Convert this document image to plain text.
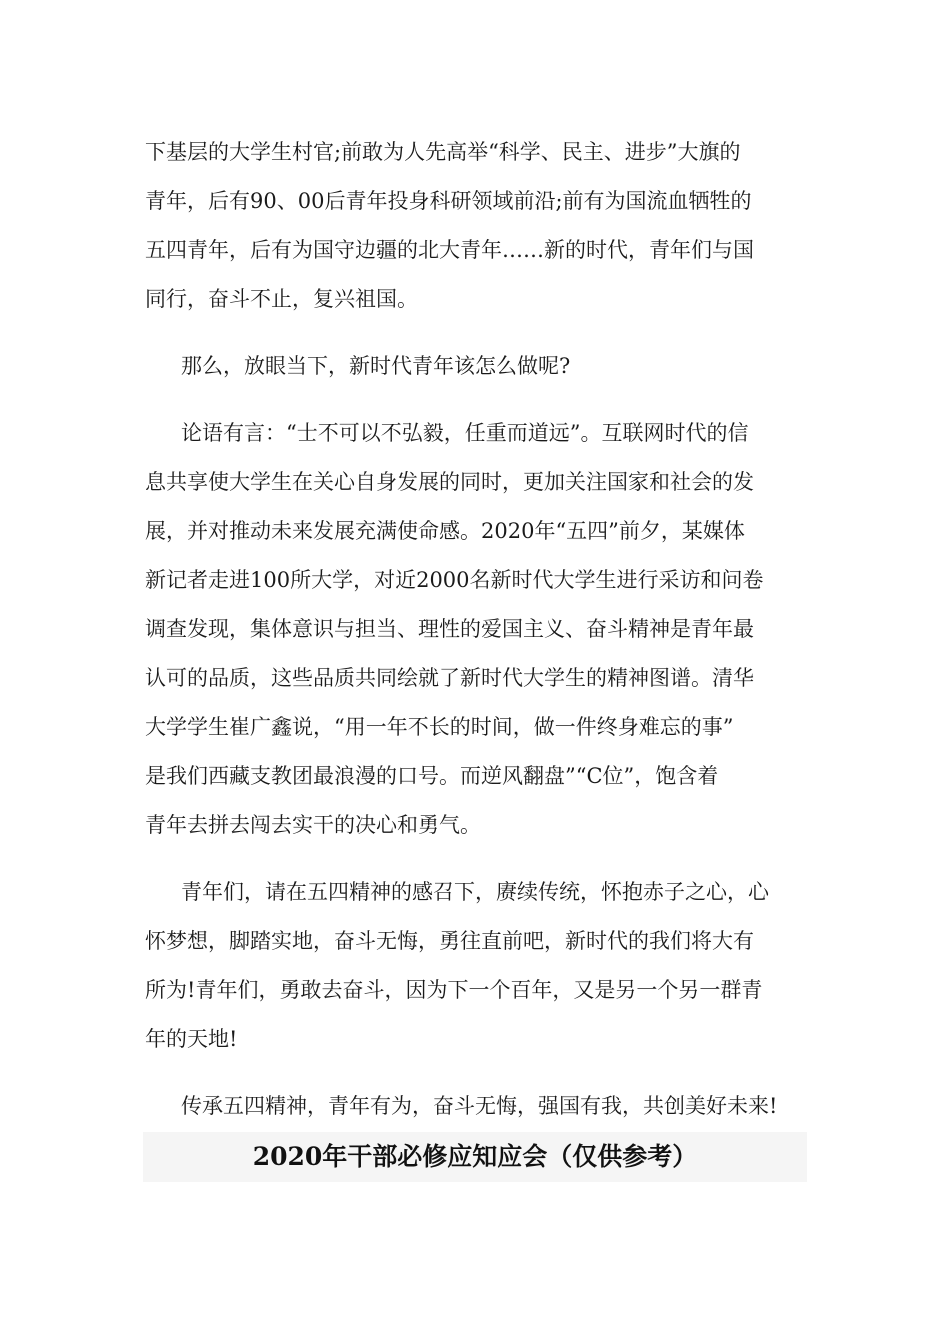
下基层的大学生村官;前敢为人先高举“科学、民主、进步”大旗的
青年，后有90、00后青年投身科研领域前沿;前有为国流血牺牲的
五四青年，后有为国守边疆的北大青年……新的时代，青年们与国
同行，奋斗不止，复兴祖国。
那么，放眼当下，新时代青年该怎么做呢?
论语有言：“士不可以不弘毅，任重而道远”。互联网时代的信
息共享使大学生在关心自身发展的同时，更加关注国家和社会的发
展，并对推动未来发展充满使命感。2020年“五四”前夕，某媒体
新记者走进100所大学，对近2000名新时代大学生进行采访和问卷
调查发现，集体意识与担当、理性的爱国主义、奋斗精神是青年最
认可的品质，这些品质共同绘就了新时代大学生的精神图谱。清华
大学学生崔广鑫说，“用一年不长的时间，做一件终身难忘的事”
是我们西藏支教团最浪漫的口号。而逆风翻盘”“C位”，饱含着
青年去拼去闯去实干的决心和勇气。
青年们，请在五四精神的感召下，赓续传统，怀抱赤子之心，心
怀梦想，脚踏实地，奋斗无悔，勇往直前吧，新时代的我们将大有
所为!青年们，勇敢去奋斗，因为下一个百年，又是另一个另一群青
年的天地!
传承五四精神，青年有为，奋斗无悔，强国有我，共创美好未来!
2020年干部必修应知应会（仅供参考）
